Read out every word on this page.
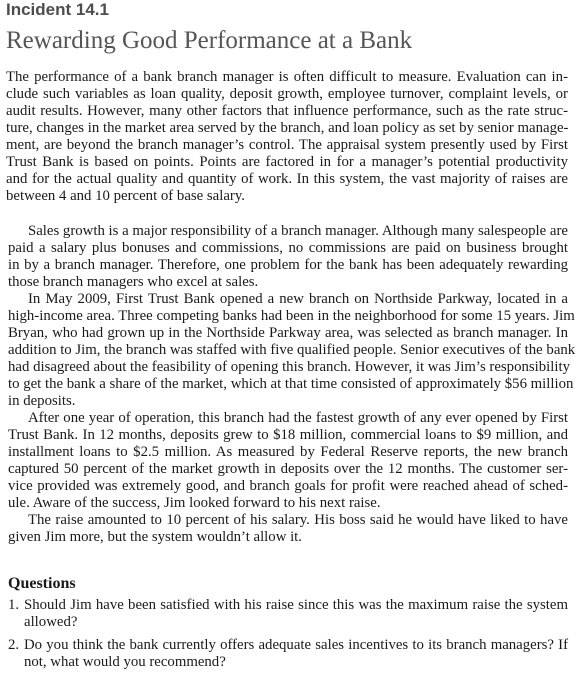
Incident 14.1
Rewarding Good Performance at a Bank
The performance of a bank branch manager is often difficult to measure. Evaluation can in-
clude such variables as loan quality, deposit growth, employee turnover, complaint levels, or
audit results. However, many other factors that influence performance, such as the rate struc-
ture, changes in the market area served by the branch, and loan policy as set by senior manage-
ment, are beyond the branch manager’s control. The appraisal system presently used by First
Trust Bank is based on points. Points are factored in for a manager’s potential productivity
and for the actual quality and quantity of work. In this system, the vast majority of raises are
between 4 and 10 percent of base salary.
Sales growth is a major responsibility of a branch manager. Although many salespeople are
paid a salary plus bonuses and commissions, no commissions are paid on business brought
in by a branch manager. Therefore, one problem for the bank has been adequately rewarding
those branch managers who excel at sales.
In May 2009, First Trust Bank opened a new branch on Northside Parkway, located in a
high-income area. Three competing banks had been in the neighborhood for some 15 years. Jim
Bryan, who had grown up in the Northside Parkway area, was selected as branch manager. In
addition to Jim, the branch was staffed with five qualified people. Senior executives of the bank
had disagreed about the feasibility of opening this branch. However, it was Jim’s responsibility
to get the bank a share of the market, which at that time consisted of approximately $56 million
in deposits.
After one year of operation, this branch had the fastest growth of any ever opened by First
Trust Bank. In 12 months, deposits grew to $18 million, commercial loans to $9 million, and
installment loans to $2.5 million. As measured by Federal Reserve reports, the new branch
captured 50 percent of the market growth in deposits over the 12 months. The customer ser-
vice provided was extremely good, and branch goals for profit were reached ahead of sched-
ule. Aware of the success, Jim looked forward to his next raise.
The raise amounted to 10 percent of his salary. His boss said he would have liked to have
given Jim more, but the system wouldn’t allow it.
Questions
1. Should Jim have been satisfied with his raise since this was the maximum raise the system
allowed?
2. Do you think the bank currently offers adequate sales incentives to its branch managers? If
not, what would you recommend?
